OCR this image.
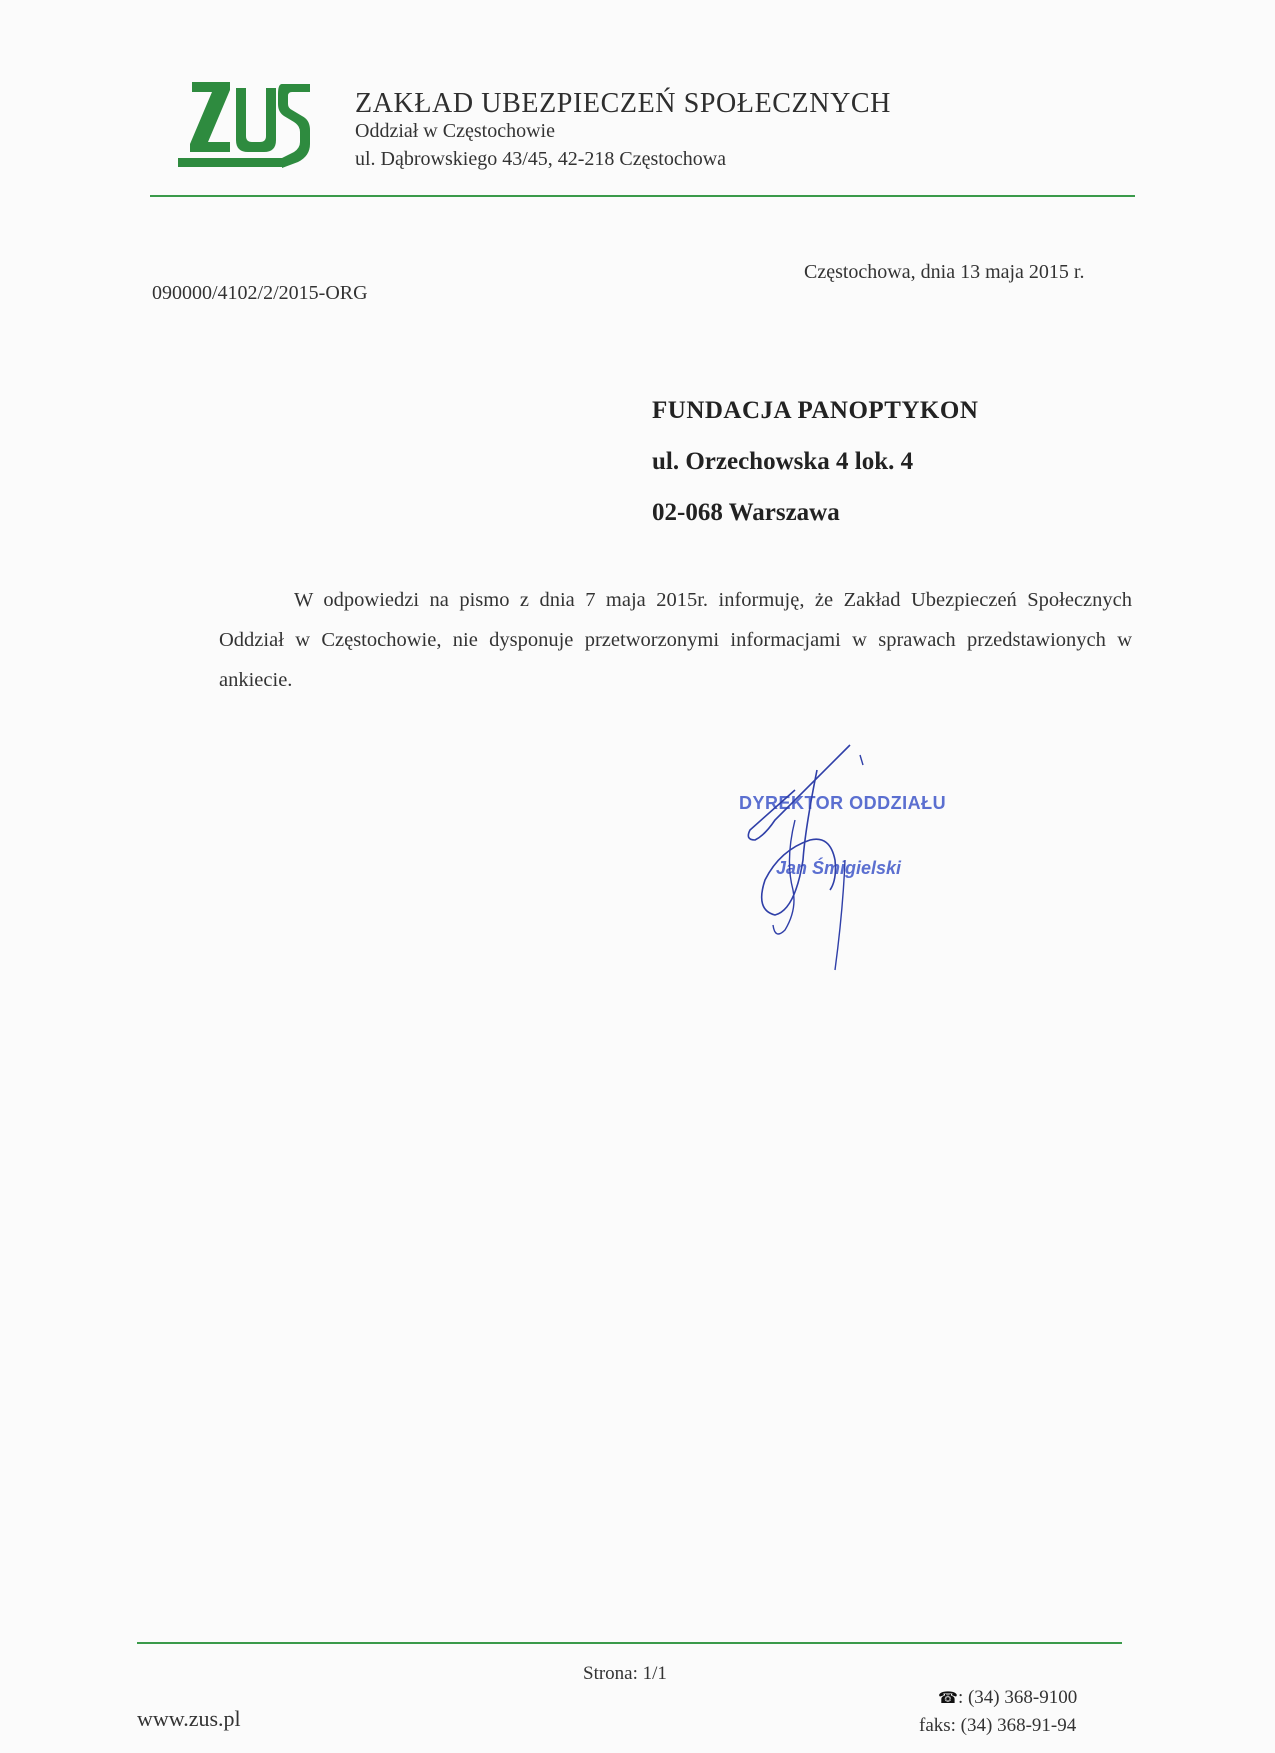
ZAKŁAD UBEZPIECZEŃ SPOŁECZNYCH
Oddział w Częstochowie
ul. Dąbrowskiego 43/45, 42-218 Częstochowa
090000/4102/2/2015-ORG
Częstochowa, dnia 13 maja 2015 r.
FUNDACJA PANOPTYKON
ul. Orzechowska 4 lok. 4
02-068 Warszawa
W odpowiedzi na pismo z dnia 7 maja 2015r. informuję, że Zakład Ubezpieczeń Społecznych Oddział w Częstochowie, nie dysponuje przetworzonymi informacjami w sprawach przedstawionych w ankiecie.
DYREKTOR ODDZIAŁU
Jan Śmigielski
Strona: 1/1
www.zus.pl
☎: (34) 368-9100
faks: (34) 368-91-94
